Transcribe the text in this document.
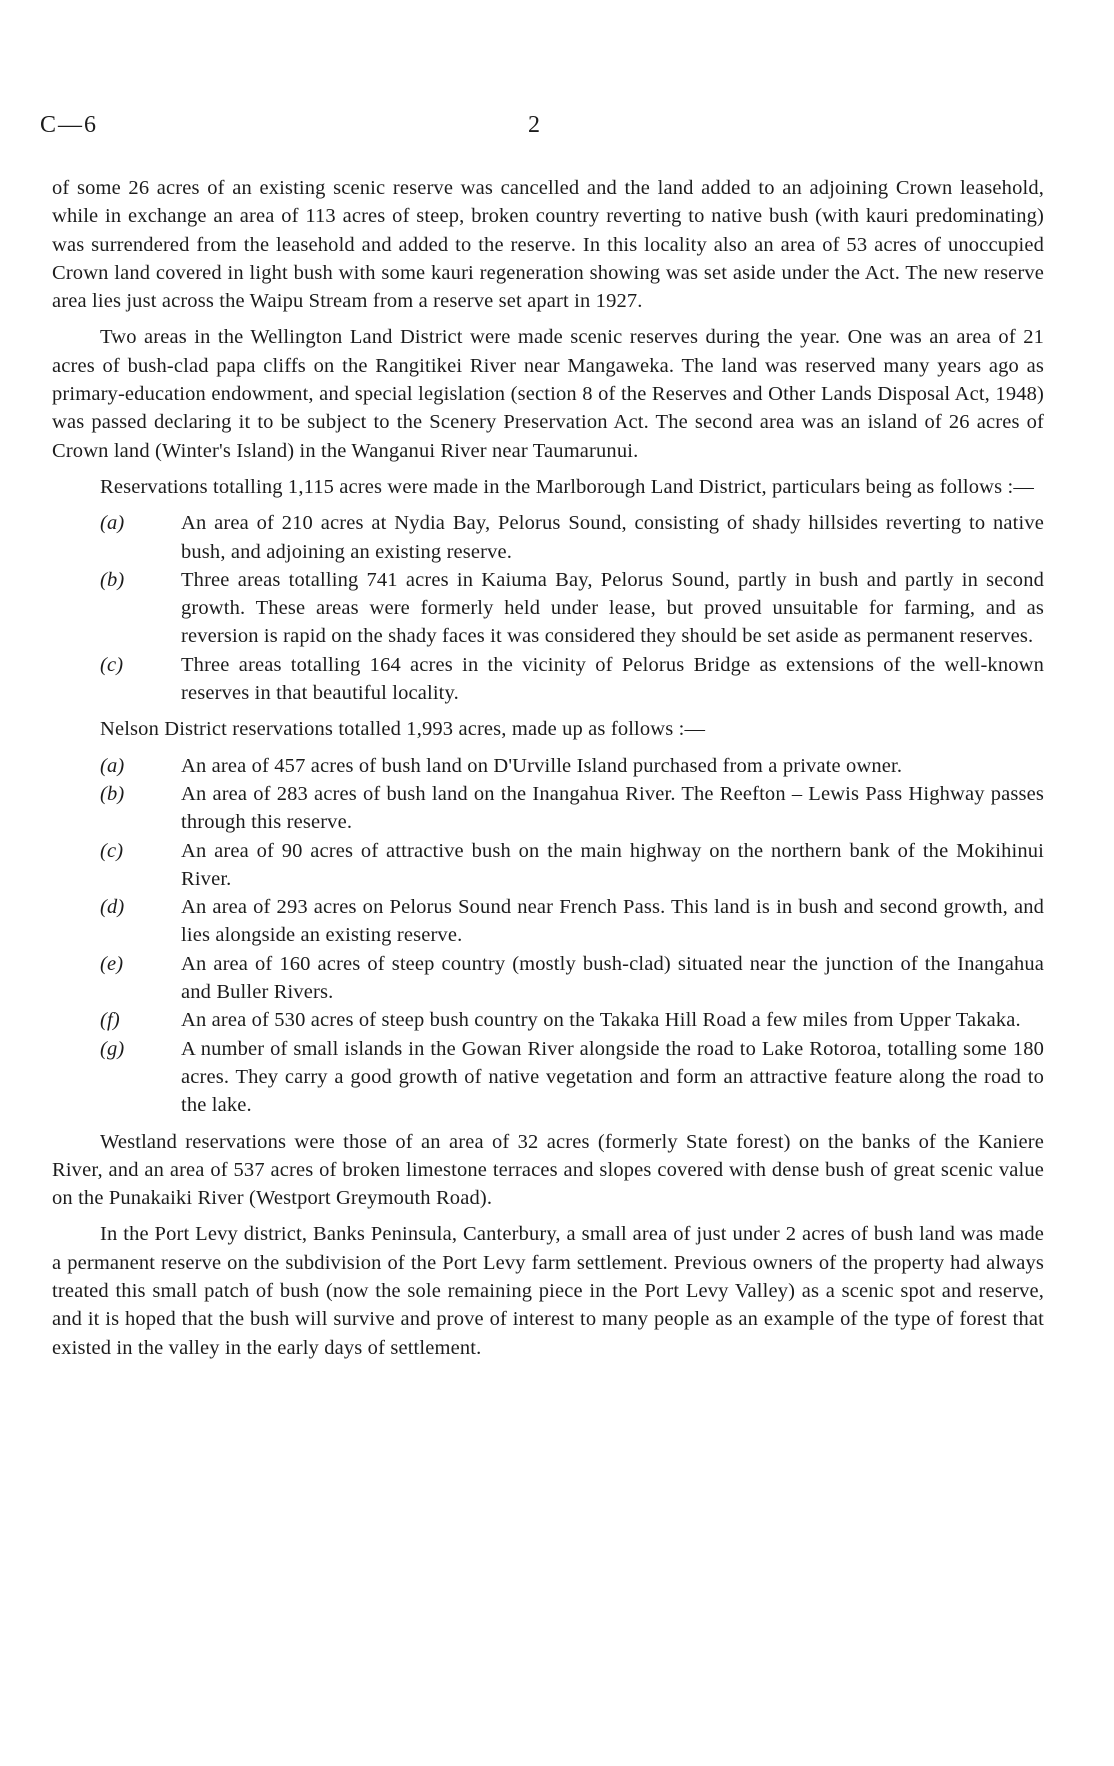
C—6	2

of some 26 acres of an existing scenic reserve was cancelled and the land added to an adjoining Crown leasehold, while in exchange an area of 113 acres of steep, broken country reverting to native bush (with kauri predominating) was surrendered from the leasehold and added to the reserve. In this locality also an area of 53 acres of unoccupied Crown land covered in light bush with some kauri regeneration showing was set aside under the Act. The new reserve area lies just across the Waipu Stream from a reserve set apart in 1927.

Two areas in the Wellington Land District were made scenic reserves during the year. One was an area of 21 acres of bush-clad papa cliffs on the Rangitikei River near Mangaweka. The land was reserved many years ago as primary-education endowment, and special legislation (section 8 of the Reserves and Other Lands Disposal Act, 1948) was passed declaring it to be subject to the Scenery Preservation Act. The second area was an island of 26 acres of Crown land (Winter's Island) in the Wanganui River near Taumarunui.

Reservations totalling 1,115 acres were made in the Marlborough Land District, particulars being as follows :—

(a)	An area of 210 acres at Nydia Bay, Pelorus Sound, consisting of shady hillsides reverting to native bush, and adjoining an existing reserve.
(b)	Three areas totalling 741 acres in Kaiuma Bay, Pelorus Sound, partly in bush and partly in second growth. These areas were formerly held under lease, but proved unsuitable for farming, and as reversion is rapid on the shady faces it was considered they should be set aside as permanent reserves.
(c)	Three areas totalling 164 acres in the vicinity of Pelorus Bridge as extensions of the well-known reserves in that beautiful locality.

Nelson District reservations totalled 1,993 acres, made up as follows :—

(a)	An area of 457 acres of bush land on D'Urville Island purchased from a private owner.
(b)	An area of 283 acres of bush land on the Inangahua River. The Reefton – Lewis Pass Highway passes through this reserve.
(c)	An area of 90 acres of attractive bush on the main highway on the northern bank of the Mokihinui River.
(d)	An area of 293 acres on Pelorus Sound near French Pass. This land is in bush and second growth, and lies alongside an existing reserve.
(e)	An area of 160 acres of steep country (mostly bush-clad) situated near the junction of the Inangahua and Buller Rivers.
(f)	An area of 530 acres of steep bush country on the Takaka Hill Road a few miles from Upper Takaka.
(g)	A number of small islands in the Gowan River alongside the road to Lake Rotoroa, totalling some 180 acres. They carry a good growth of native vegetation and form an attractive feature along the road to the lake.

Westland reservations were those of an area of 32 acres (formerly State forest) on the banks of the Kaniere River, and an area of 537 acres of broken limestone terraces and slopes covered with dense bush of great scenic value on the Punakaiki River (Westport Greymouth Road).

In the Port Levy district, Banks Peninsula, Canterbury, a small area of just under 2 acres of bush land was made a permanent reserve on the subdivision of the Port Levy farm settlement. Previous owners of the property had always treated this small patch of bush (now the sole remaining piece in the Port Levy Valley) as a scenic spot and reserve, and it is hoped that the bush will survive and prove of interest to many people as an example of the type of forest that existed in the valley in the early days of settlement.
